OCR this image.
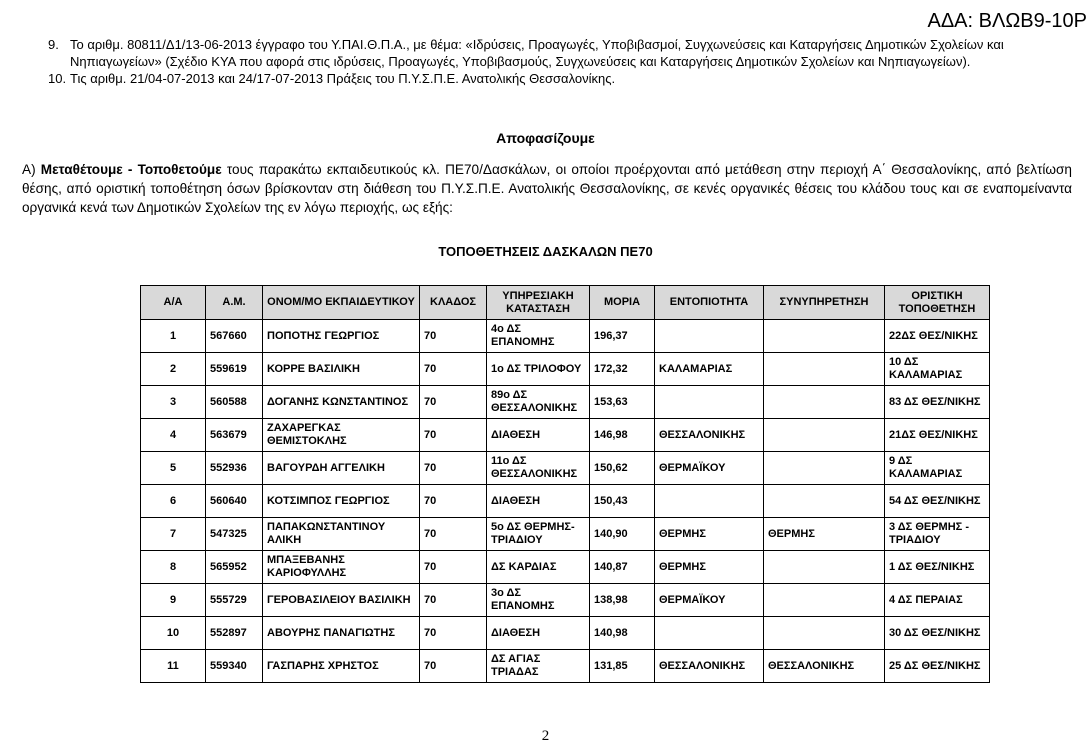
ΑΔΑ: ΒΛΩΒ9-10Ρ
9. Το αριθμ. 80811/Δ1/13-06-2013 έγγραφο του Υ.ΠΑΙ.Θ.Π.Α., με θέμα: «Ιδρύσεις, Προαγωγές, Υποβιβασμοί, Συγχωνεύσεις και Καταργήσεις Δημοτικών Σχολείων και Νηπιαγωγείων» (Σχέδιο ΚΥΑ που αφορά στις ιδρύσεις, Προαγωγές, Υποβιβασμούς, Συγχωνεύσεις και Καταργήσεις Δημοτικών Σχολείων και Νηπιαγωγείων).
10. Τις αριθμ. 21/04-07-2013 και 24/17-07-2013 Πράξεις του Π.Υ.Σ.Π.Ε. Ανατολικής Θεσσαλονίκης.
Αποφασίζουμε
Α) Μεταθέτουμε - Τοποθετούμε τους παρακάτω εκπαιδευτικούς κλ. ΠΕ70/Δασκάλων, οι οποίοι προέρχονται από μετάθεση στην περιοχή Α΄ Θεσσαλονίκης, από βελτίωση θέσης, από οριστική τοποθέτηση όσων βρίσκονταν στη διάθεση του Π.Υ.Σ.Π.Ε. Ανατολικής Θεσσαλονίκης, σε κενές οργανικές θέσεις του κλάδου τους και σε εναπομείναντα οργανικά κενά των Δημοτικών Σχολείων της εν λόγω περιοχής, ως εξής:
ΤΟΠΟΘΕΤΗΣΕΙΣ ΔΑΣΚΑΛΩΝ ΠΕ70
Α/Α	Α.Μ.	ΟΝΟΜ/ΜΟ ΕΚΠΑΙΔΕΥΤΙΚΟΥ	ΚΛΑΔΟΣ	ΥΠΗΡΕΣΙΑΚΗ ΚΑΤΑΣΤΑΣΗ	ΜΟΡΙΑ	ΕΝΤΟΠΙΟΤΗΤΑ	ΣΥΝΥΠΗΡΕΤΗΣΗ	ΟΡΙΣΤΙΚΗ ΤΟΠΟΘΕΤΗΣΗ
1	567660	ΠΟΠΟΤΗΣ ΓΕΩΡΓΙΟΣ	70	4ο ΔΣ ΕΠΑΝΟΜΗΣ	196,37			22ΔΣ ΘΕΣ/ΝΙΚΗΣ
2	559619	ΚΟΡΡΕ ΒΑΣΙΛΙΚΗ	70	1ο ΔΣ ΤΡΙΛΟΦΟΥ	172,32	ΚΑΛΑΜΑΡΙΑΣ		10 ΔΣ ΚΑΛΑΜΑΡΙΑΣ
3	560588	ΔΟΓΑΝΗΣ ΚΩΝΣΤΑΝΤΙΝΟΣ	70	89ο ΔΣ ΘΕΣΣΑΛΟΝΙΚΗΣ	153,63			83 ΔΣ ΘΕΣ/ΝΙΚΗΣ
4	563679	ΖΑΧΑΡΕΓΚΑΣ ΘΕΜΙΣΤΟΚΛΗΣ	70	ΔΙΑΘΕΣΗ	146,98	ΘΕΣΣΑΛΟΝΙΚΗΣ		21ΔΣ ΘΕΣ/ΝΙΚΗΣ
5	552936	ΒΑΓΟΥΡΔΗ ΑΓΓΕΛΙΚΗ	70	11ο ΔΣ ΘΕΣΣΑΛΟΝΙΚΗΣ	150,62	ΘΕΡΜΑΪΚΟΥ		9 ΔΣ ΚΑΛΑΜΑΡΙΑΣ
6	560640	ΚΟΤΣΙΜΠΟΣ ΓΕΩΡΓΙΟΣ	70	ΔΙΑΘΕΣΗ	150,43			54 ΔΣ ΘΕΣ/ΝΙΚΗΣ
7	547325	ΠΑΠΑΚΩΝΣΤΑΝΤΙΝΟΥ ΑΛΙΚΗ	70	5ο ΔΣ ΘΕΡΜΗΣ-ΤΡΙΑΔΙΟΥ	140,90	ΘΕΡΜΗΣ	ΘΕΡΜΗΣ	3 ΔΣ ΘΕΡΜΗΣ - ΤΡΙΑΔΙΟΥ
8	565952	ΜΠΑΞΕΒΑΝΗΣ ΚΑΡΙΟΦΥΛΛΗΣ	70	ΔΣ ΚΑΡΔΙΑΣ	140,87	ΘΕΡΜΗΣ		1 ΔΣ ΘΕΣ/ΝΙΚΗΣ
9	555729	ΓΕΡΟΒΑΣΙΛΕΙΟΥ ΒΑΣΙΛΙΚΗ	70	3ο ΔΣ ΕΠΑΝΟΜΗΣ	138,98	ΘΕΡΜΑΪΚΟΥ		4 ΔΣ ΠΕΡΑΙΑΣ
10	552897	ΑΒΟΥΡΗΣ ΠΑΝΑΓΙΩΤΗΣ	70	ΔΙΑΘΕΣΗ	140,98			30 ΔΣ ΘΕΣ/ΝΙΚΗΣ
11	559340	ΓΑΣΠΑΡΗΣ ΧΡΗΣΤΟΣ	70	ΔΣ ΑΓΙΑΣ ΤΡΙΑΔΑΣ	131,85	ΘΕΣΣΑΛΟΝΙΚΗΣ	ΘΕΣΣΑΛΟΝΙΚΗΣ	25 ΔΣ ΘΕΣ/ΝΙΚΗΣ
2
